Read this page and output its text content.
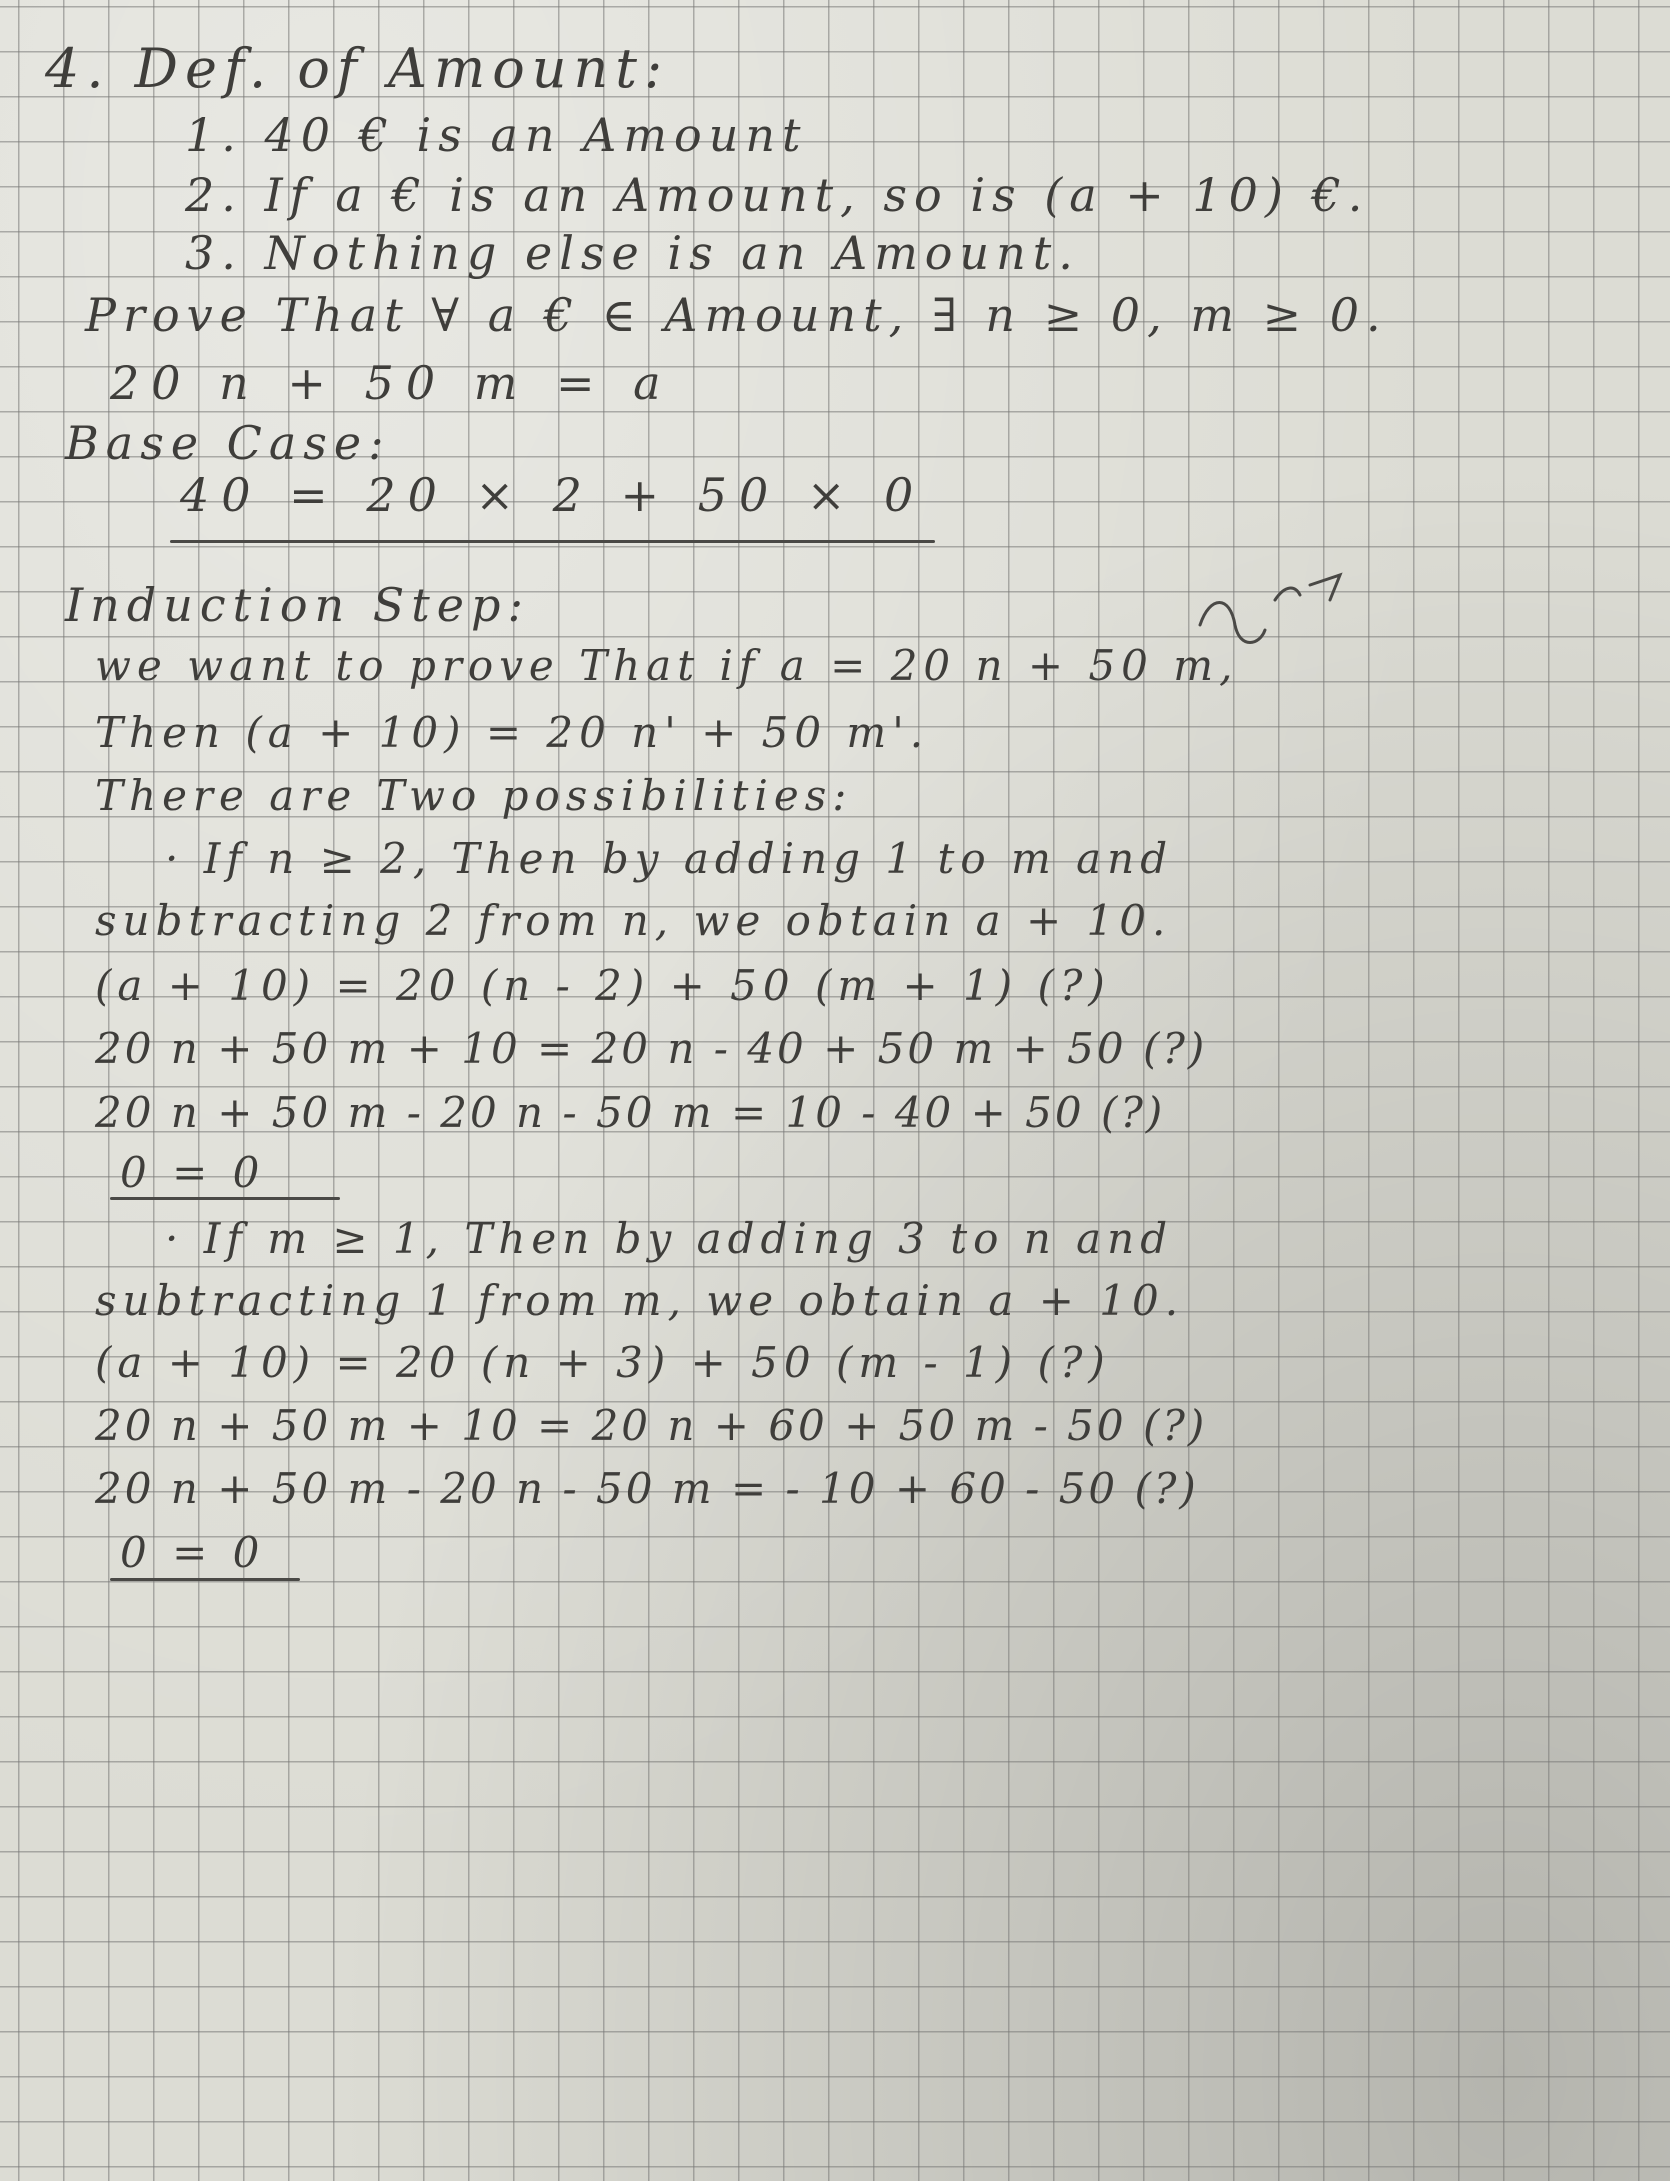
4. Def. of Amount:
1. 40 € is an Amount
2. If a € is an Amount, so is (a + 10) €.
3. Nothing else is an Amount.
Prove That ∀ a € ∈ Amount, ∃ n ≥ 0, m ≥ 0.
20 n + 50 m = a
Base Case:
40 = 20 × 2 + 50 × 0
Induction Step:
we want to prove That if a = 20 n + 50 m,
Then (a + 10) = 20 n' + 50 m'.
There are Two possibilities:
· If n ≥ 2, Then by adding 1 to m and
subtracting 2 from n, we obtain a + 10.
(a + 10) = 20 (n - 2) + 50 (m + 1) (?)
20 n + 50 m + 10 = 20 n - 40 + 50 m + 50 (?)
20 n + 50 m - 20 n - 50 m = 10 - 40 + 50 (?)
0 = 0
· If m ≥ 1, Then by adding 3 to n and
subtracting 1 from m, we obtain a + 10.
(a + 10) = 20 (n + 3) + 50 (m - 1) (?)
20 n + 50 m + 10 = 20 n + 60 + 50 m - 50 (?)
20 n + 50 m - 20 n - 50 m = - 10 + 60 - 50 (?)
0 = 0
